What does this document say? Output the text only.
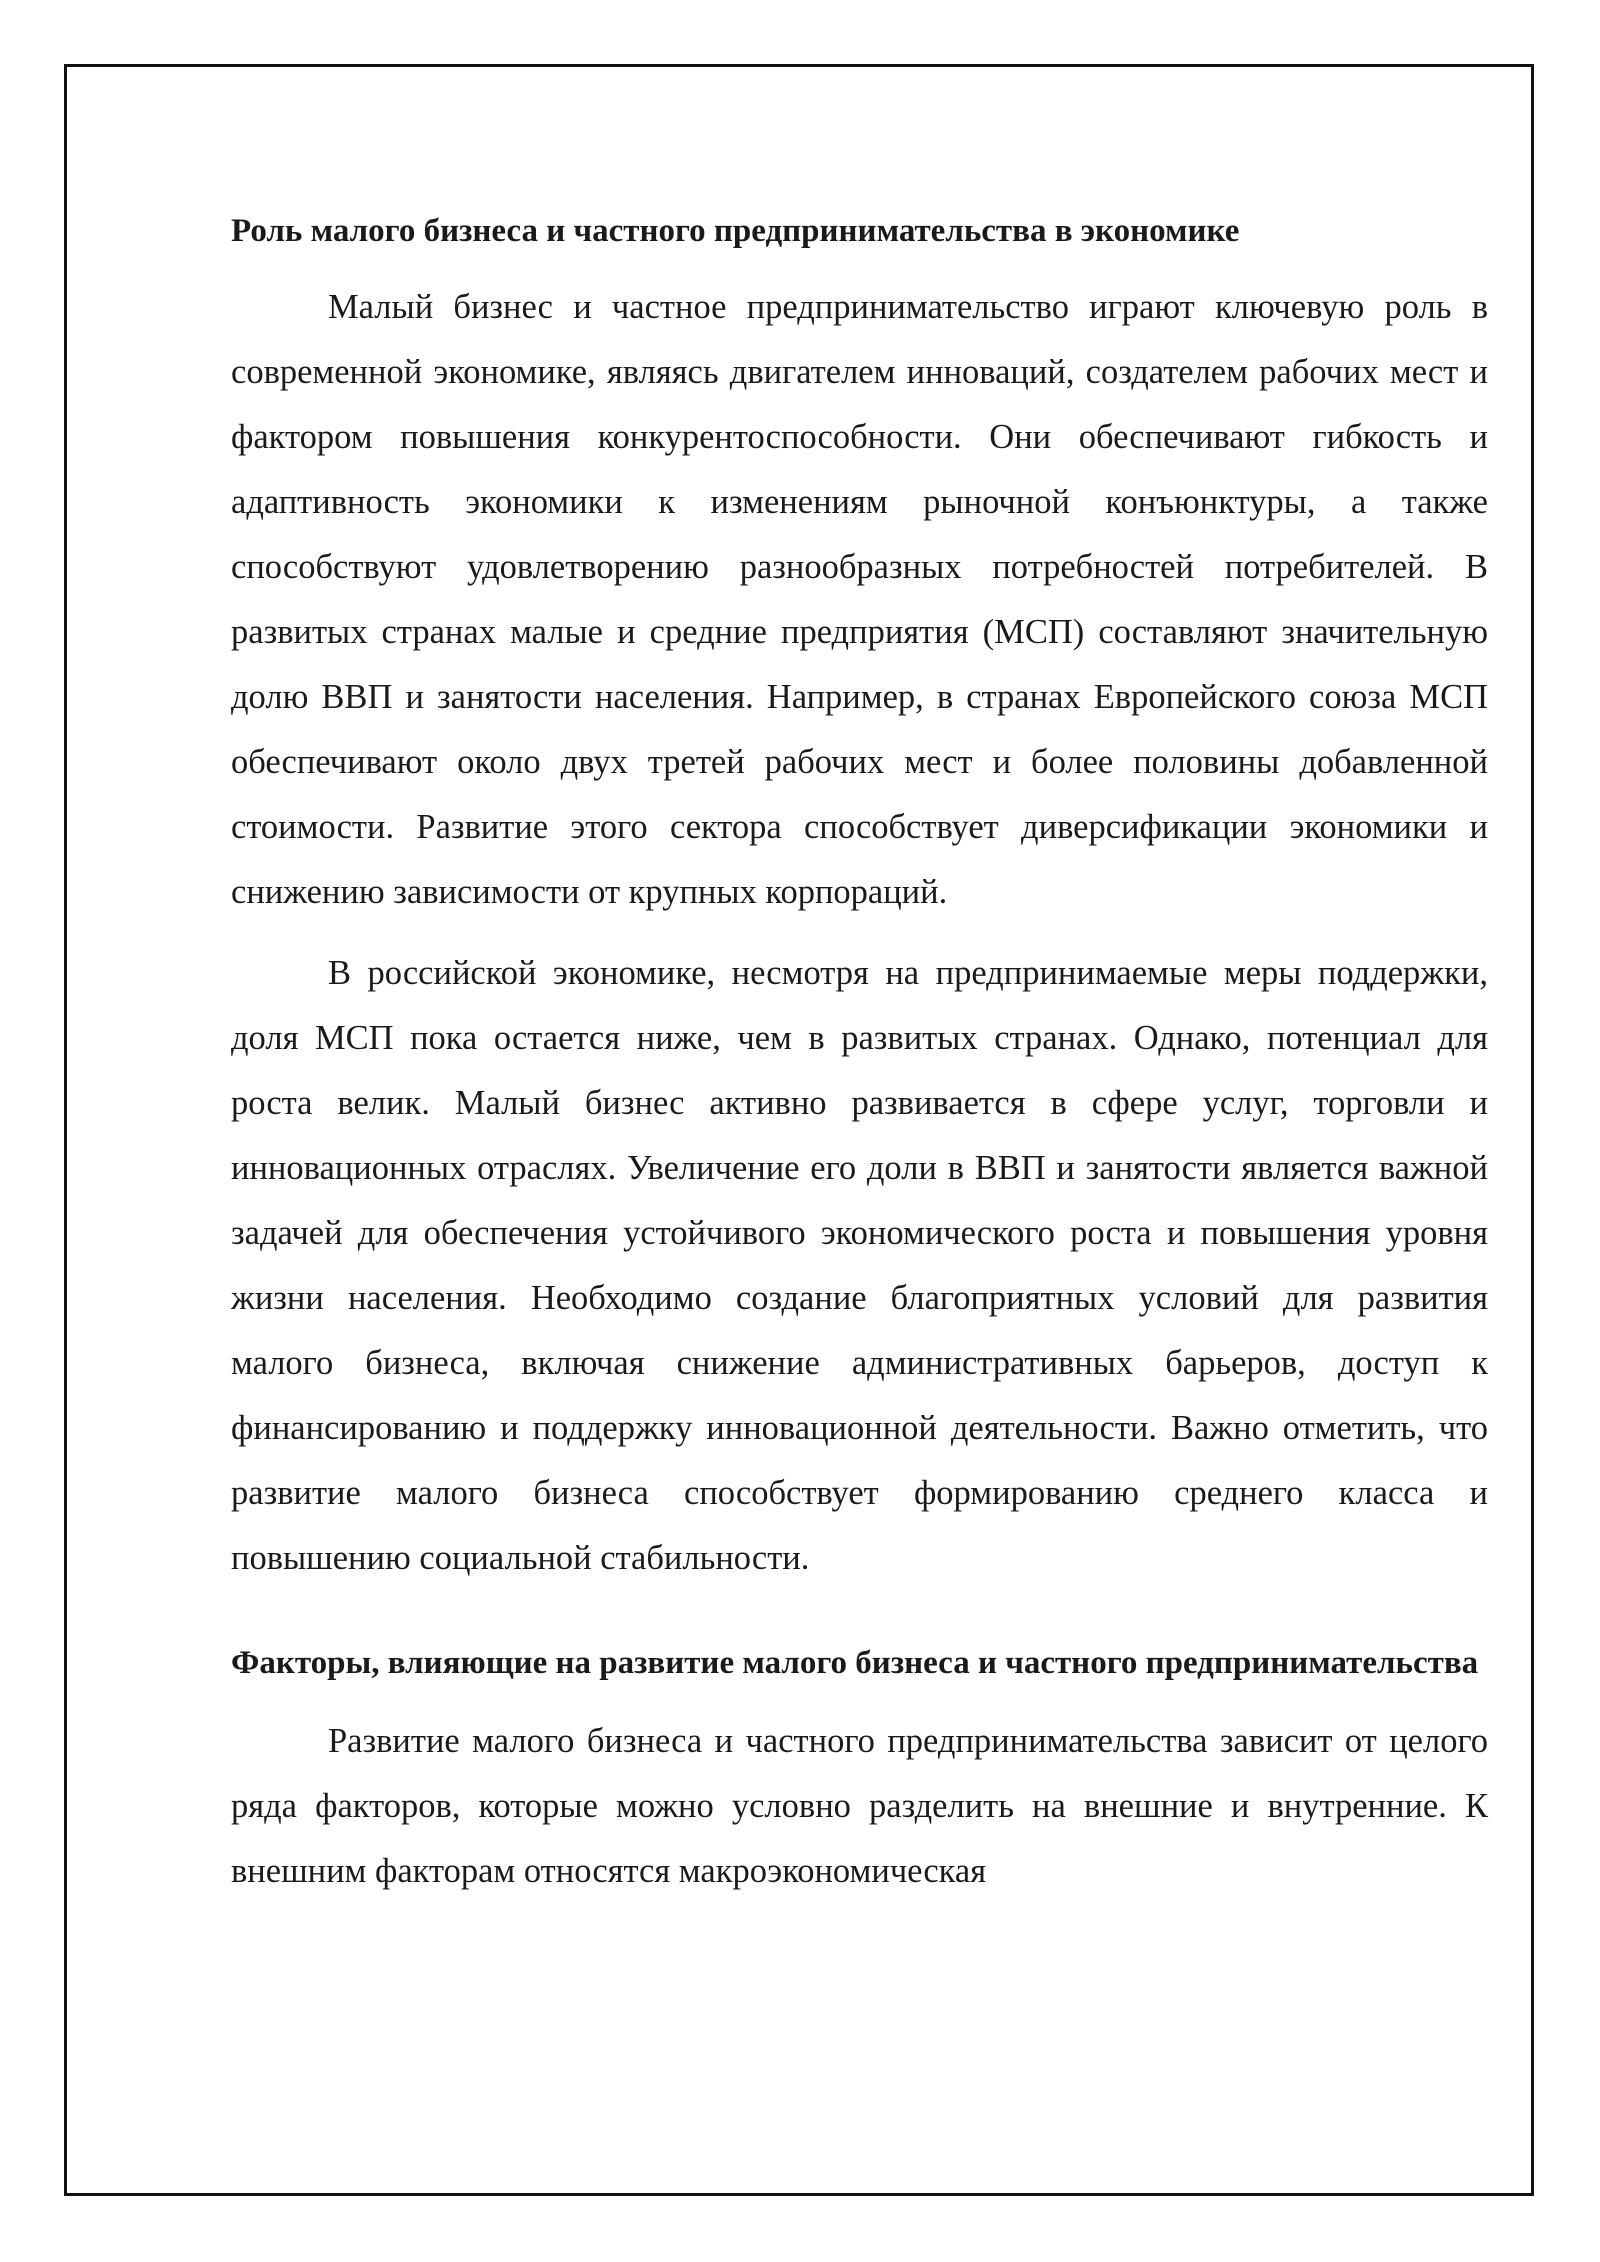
Роль малого бизнеса и частного предпринимательства в экономике

Малый бизнес и частное предпринимательство играют ключевую роль в современной экономике, являясь двигателем инноваций, создателем рабочих мест и фактором повышения конкурентоспособности. Они обеспечивают гибкость и адаптивность экономики к изменениям рыночной конъюнктуры, а также способствуют удовлетворению разнообразных потребностей потребителей. В развитых странах малые и средние предприятия (МСП) составляют значительную долю ВВП и занятости населения. Например, в странах Европейского союза МСП обеспечивают около двух третей рабочих мест и более половины добавленной стоимости. Развитие этого сектора способствует диверсификации экономики и снижению зависимости от крупных корпораций.

В российской экономике, несмотря на предпринимаемые меры поддержки, доля МСП пока остается ниже, чем в развитых странах. Однако, потенциал для роста велик. Малый бизнес активно развивается в сфере услуг, торговли и инновационных отраслях. Увеличение его доли в ВВП и занятости является важной задачей для обеспечения устойчивого экономического роста и повышения уровня жизни населения. Необходимо создание благоприятных условий для развития малого бизнеса, включая снижение административных барьеров, доступ к финансированию и поддержку инновационной деятельности. Важно отметить, что развитие малого бизнеса способствует формированию среднего класса и повышению социальной стабильности.

Факторы, влияющие на развитие малого бизнеса и частного предпринимательства

Развитие малого бизнеса и частного предпринимательства зависит от целого ряда факторов, которые можно условно разделить на внешние и внутренние. К внешним факторам относятся макроэкономическая
